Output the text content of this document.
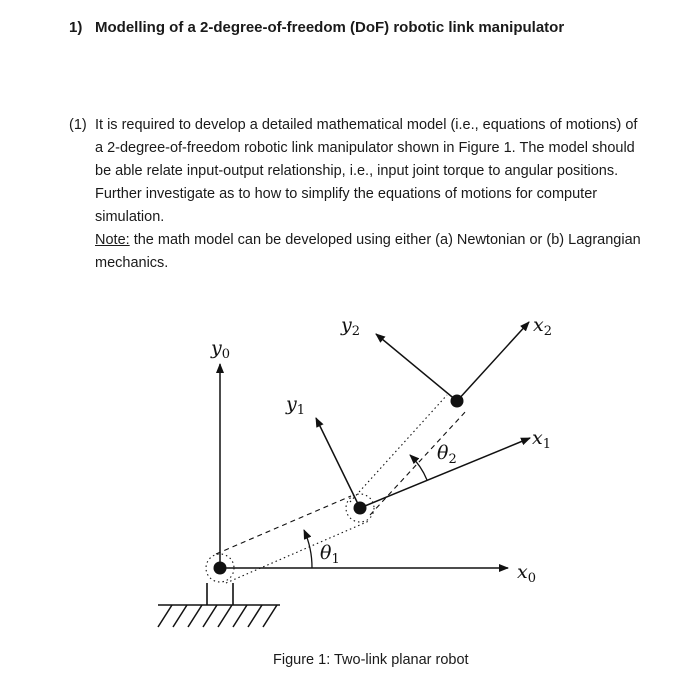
1) Modelling of a 2-degree-of-freedom (DoF) robotic link manipulator
(1) It is required to develop a detailed mathematical model (i.e., equations of motions) of
a 2-degree-of-freedom robotic link manipulator shown in Figure 1. The model should
be able relate input-output relationship, i.e., input joint torque to angular positions.
Further investigate as to how to simplify the equations of motions for computer
simulation.
Note: the math model can be developed using either (a) Newtonian or (b) Lagrangian
mechanics.
$y_0$
$x_0$
$y_1$
$x_1$
$y_2$	$x_2$
$\theta_1$
$\theta_2$
Figure 1: Two-link planar robot
